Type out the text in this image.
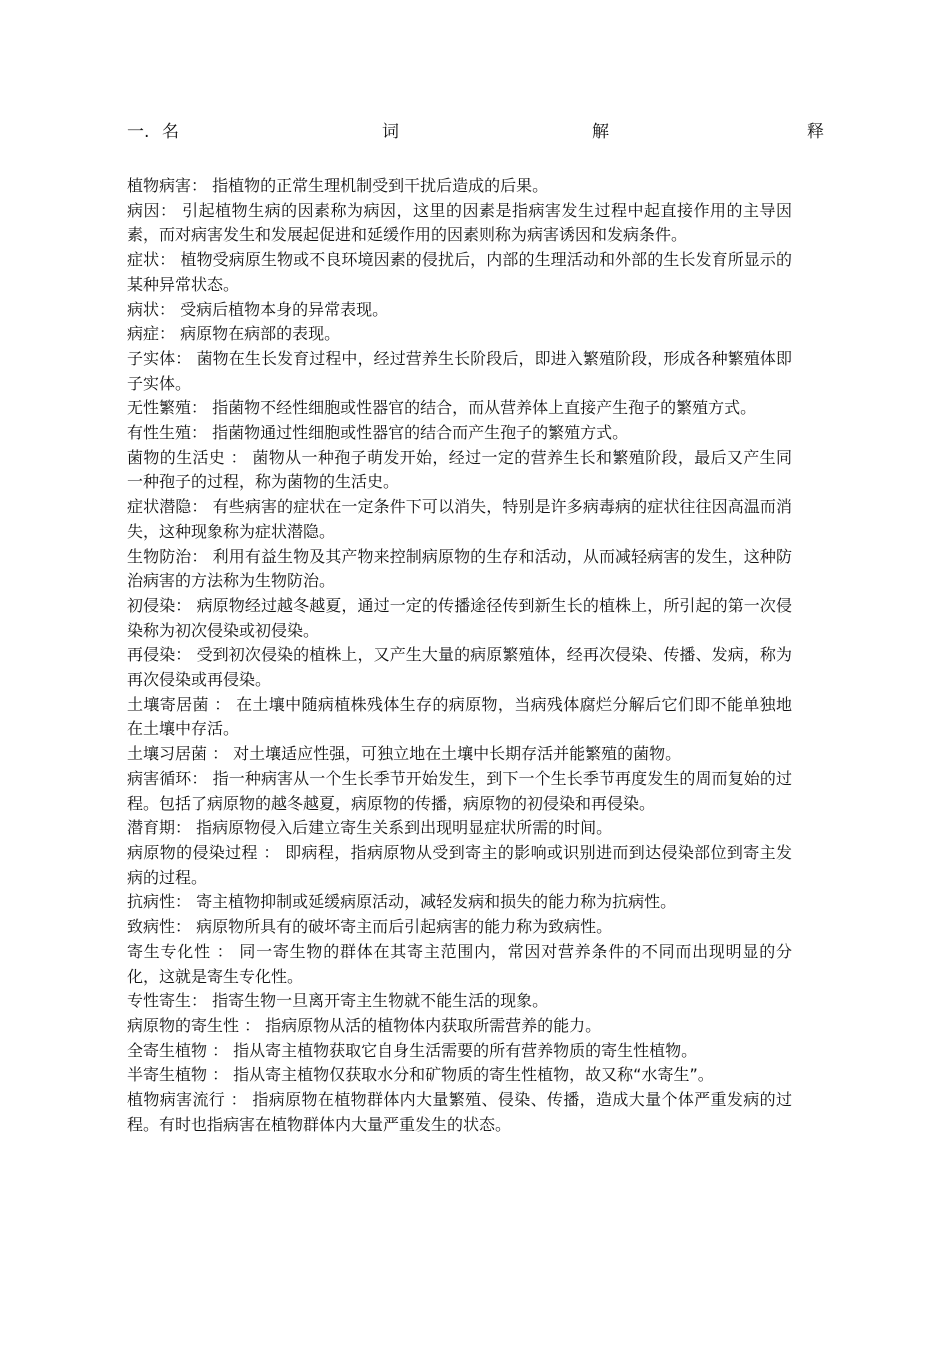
一. 名	词	解	释

植物病害： 指植物的正常生理机制受到干扰后造成的后果。

病因： 引起植物生病的因素称为病因，这里的因素是指病害发生过程中起直接作用的主导因素，而对病害发生和发展起促进和延缓作用的因素则称为病害诱因和发病条件。

症状： 植物受病原生物或不良环境因素的侵扰后，内部的生理活动和外部的生长发育所显示的某种异常状态。

病状： 受病后植物本身的异常表现。

病症： 病原物在病部的表现。

子实体： 菌物在生长发育过程中，经过营养生长阶段后，即进入繁殖阶段，形成各种繁殖体即子实体。

无性繁殖： 指菌物不经性细胞或性器官的结合，而从营养体上直接产生孢子的繁殖方式。

有性生殖： 指菌物通过性细胞或性器官的结合而产生孢子的繁殖方式。

菌物的生活史 ： 菌物从一种孢子萌发开始，经过一定的营养生长和繁殖阶段，最后又产生同一种孢子的过程，称为菌物的生活史。

症状潜隐： 有些病害的症状在一定条件下可以消失，特别是许多病毒病的症状往往因高温而消失，这种现象称为症状潜隐。

生物防治： 利用有益生物及其产物来控制病原物的生存和活动，从而减轻病害的发生，这种防治病害的方法称为生物防治。

初侵染： 病原物经过越冬越夏，通过一定的传播途径传到新生长的植株上，所引起的第一次侵染称为初次侵染或初侵染。

再侵染： 受到初次侵染的植株上，又产生大量的病原繁殖体，经再次侵染、传播、发病，称为再次侵染或再侵染。

土壤寄居菌 ： 在土壤中随病植株残体生存的病原物，当病残体腐烂分解后它们即不能单独地在土壤中存活。

土壤习居菌 ： 对土壤适应性强，可独立地在土壤中长期存活并能繁殖的菌物。

病害循环： 指一种病害从一个生长季节开始发生，到下一个生长季节再度发生的周而复始的过程。包括了病原物的越冬越夏，病原物的传播，病原物的初侵染和再侵染。

潜育期： 指病原物侵入后建立寄生关系到出现明显症状所需的时间。

病原物的侵染过程 ： 即病程，指病原物从受到寄主的影响或识别进而到达侵染部位到寄主发病的过程。

抗病性： 寄主植物抑制或延缓病原活动，减轻发病和损失的能力称为抗病性。

致病性： 病原物所具有的破坏寄主而后引起病害的能力称为致病性。

寄生专化性 ： 同一寄生物的群体在其寄主范围内，常因对营养条件的不同而出现明显的分化，这就是寄生专化性。

专性寄生： 指寄生物一旦离开寄主生物就不能生活的现象。

病原物的寄生性 ： 指病原物从活的植物体内获取所需营养的能力。

全寄生植物 ： 指从寄主植物获取它自身生活需要的所有营养物质的寄生性植物。

半寄生植物 ： 指从寄主植物仅获取水分和矿物质的寄生性植物，故又称“水寄生”。

植物病害流行 ： 指病原物在植物群体内大量繁殖、侵染、传播，造成大量个体严重发病的过程。有时也指病害在植物群体内大量严重发生的状态。
